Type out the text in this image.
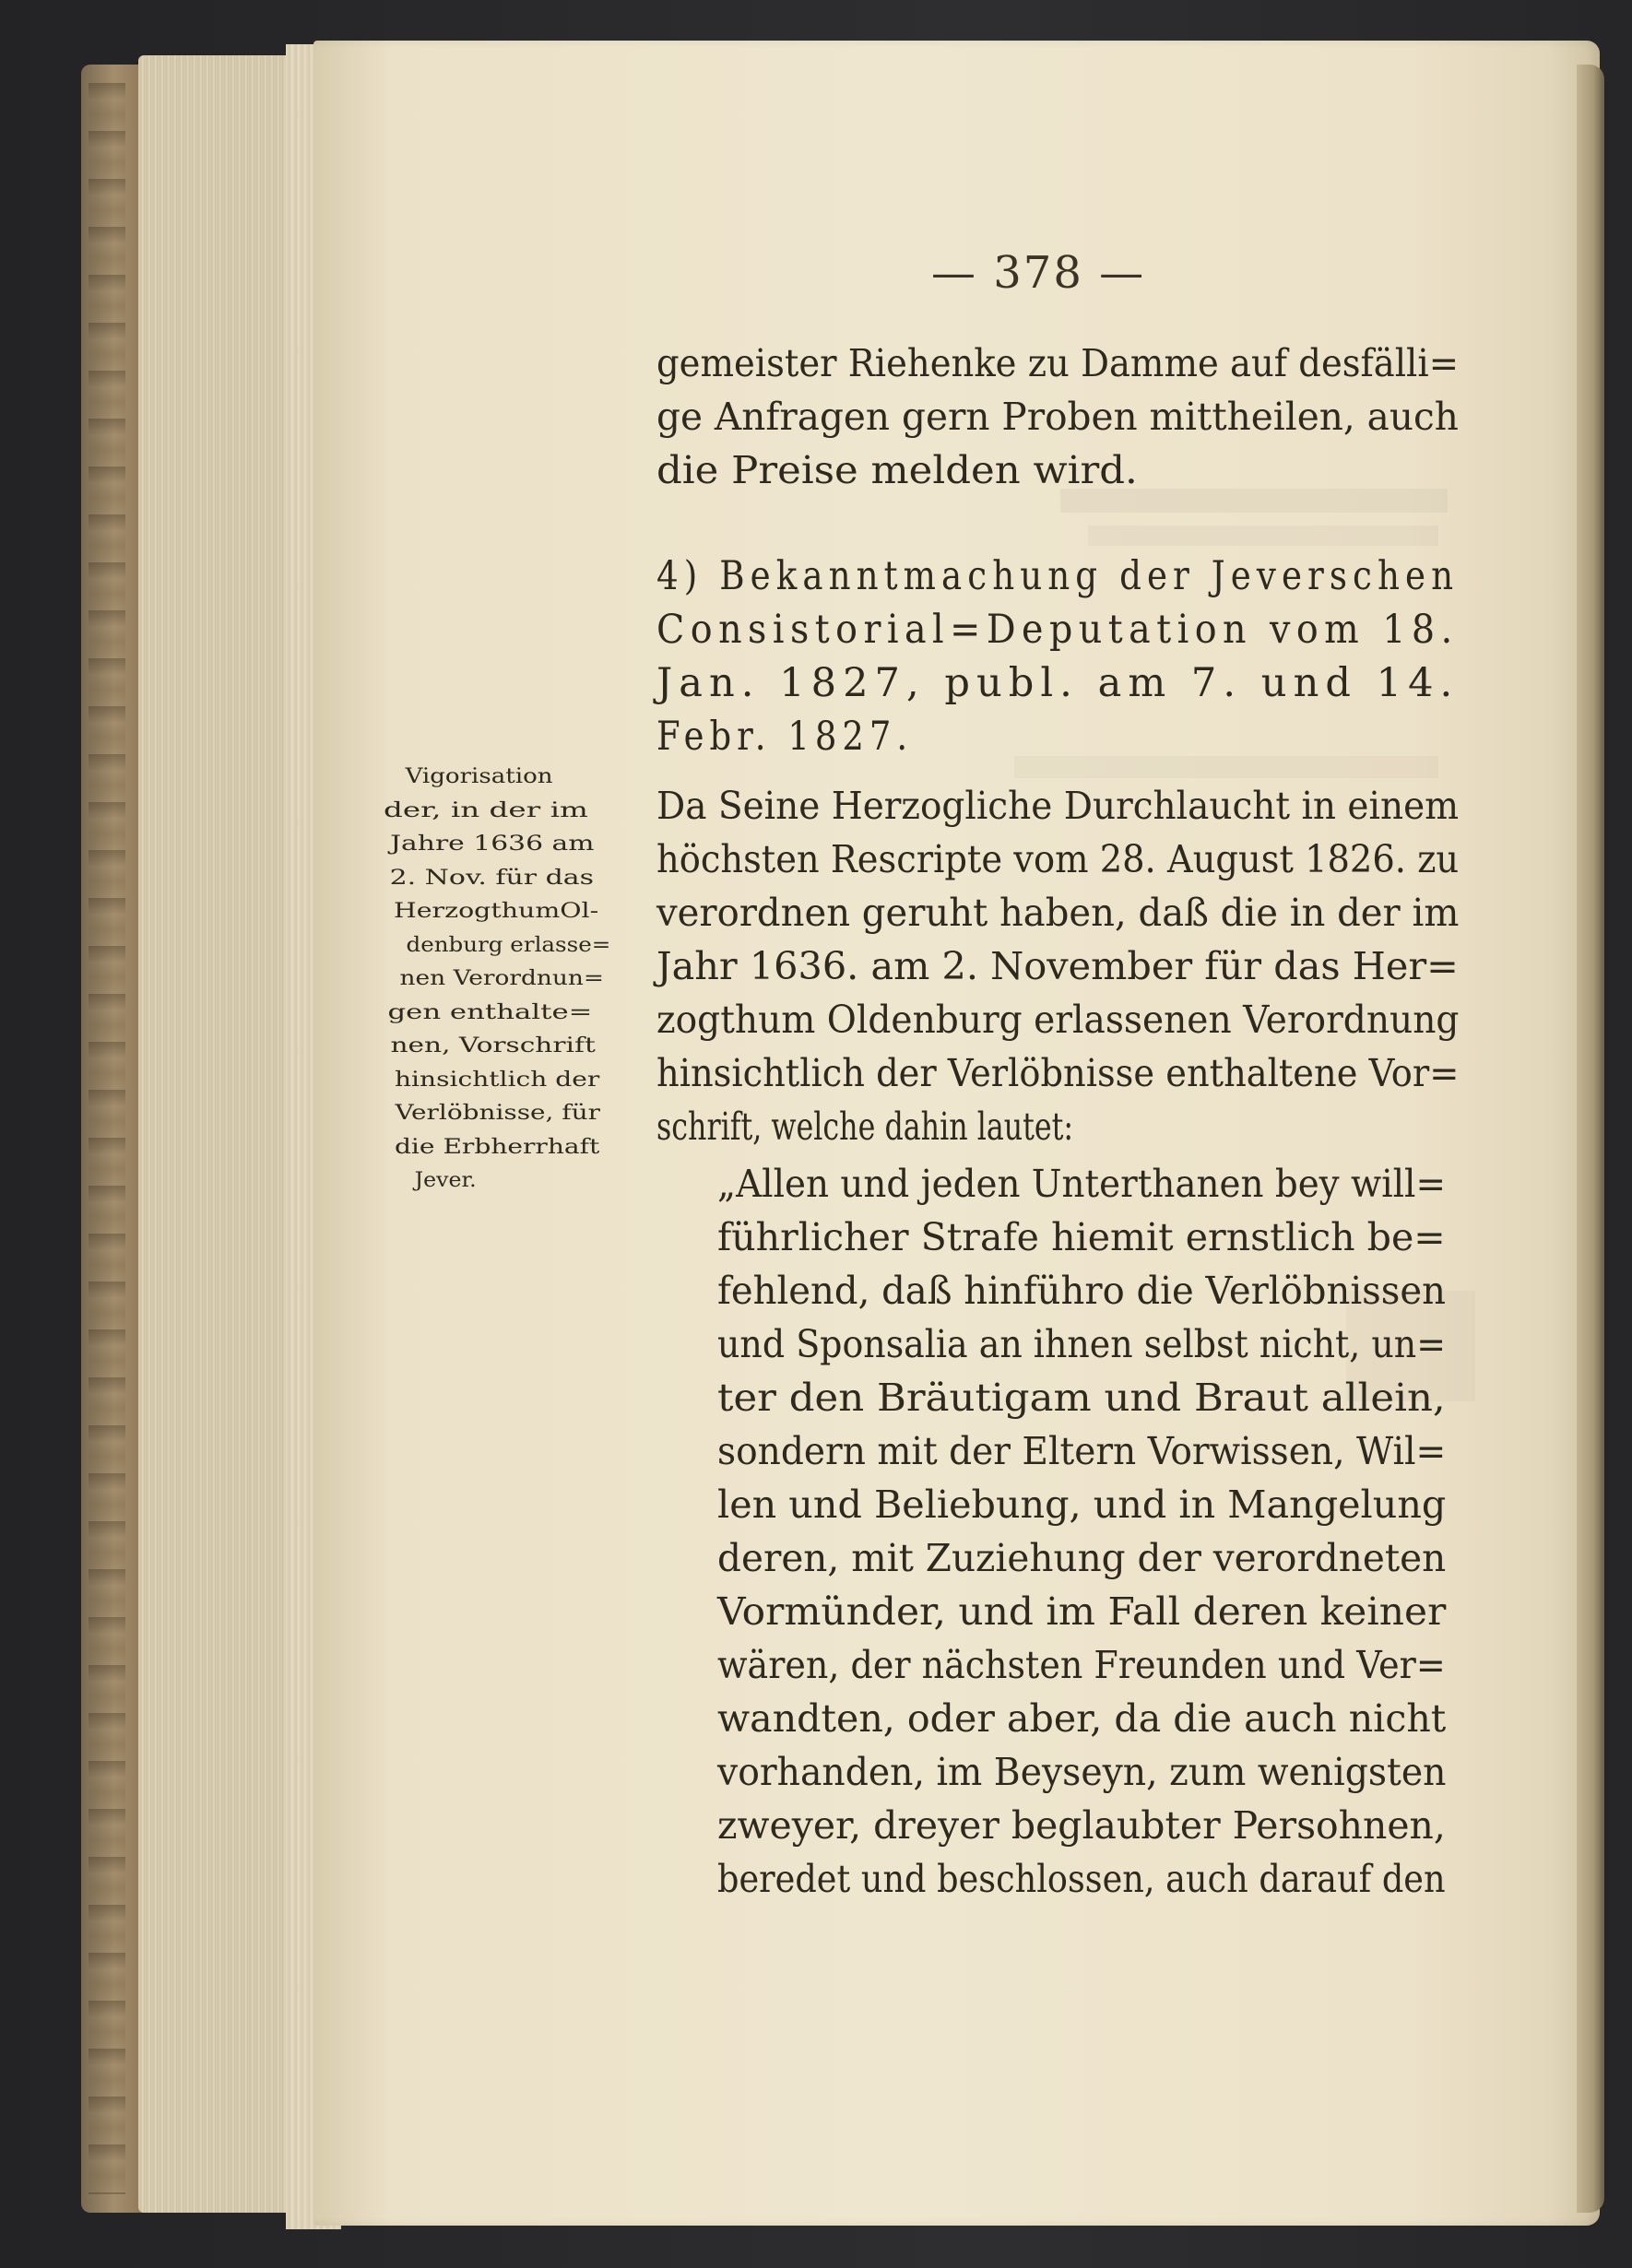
— 378 —
gemeister Riehenke zu Damme auf desfälli=
ge Anfragen gern Proben mittheilen, auch
die Preise melden wird.
4) Bekanntmachung der Jeverschen
Consistorial=Deputation vom 18.
Jan. 1827, publ. am 7. und 14.
Febr. 1827.
Vigorisation
der, in der im
Jahre 1636 am
2. Nov. für das
HerzogthumOl-
denburg erlasse=
nen Verordnun=
gen enthalte=
nen, Vorschrift
hinsichtlich der
Verlöbnisse, für
die Erbherrhaft
Jever.
Da Seine Herzogliche Durchlaucht in einem
höchsten Rescripte vom 28. August 1826. zu
verordnen geruht haben, daß die in der im
Jahr 1636. am 2. November für das Her=
zogthum Oldenburg erlassenen Verordnung
hinsichtlich der Verlöbnisse enthaltene Vor=
schrift, welche dahin lautet:
„Allen und jeden Unterthanen bey will=
führlicher Strafe hiemit ernstlich be=
fehlend, daß hinführo die Verlöbnissen
und Sponsalia an ihnen selbst nicht, un=
ter den Bräutigam und Braut allein,
sondern mit der Eltern Vorwissen, Wil=
len und Beliebung, und in Mangelung
deren, mit Zuziehung der verordneten
Vormünder, und im Fall deren keiner
wären, der nächsten Freunden und Ver=
wandten, oder aber, da die auch nicht
vorhanden, im Beyseyn, zum wenigsten
zweyer, dreyer beglaubter Persohnen,
beredet und beschlossen, auch darauf den
